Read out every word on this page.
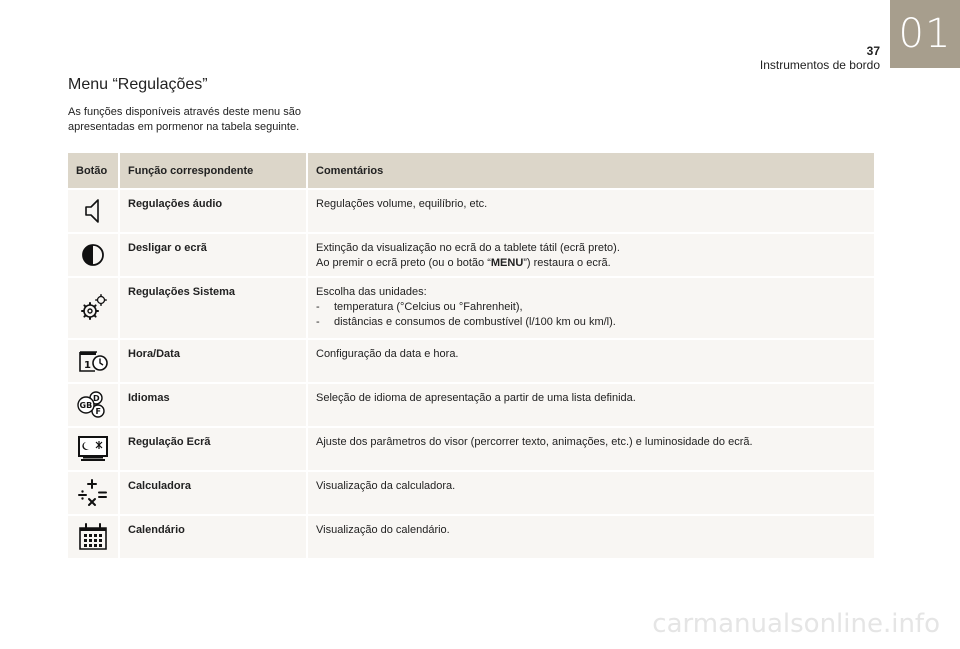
01
37
Instrumentos de bordo
Menu “Regulações”
As funções disponíveis através deste menu são apresentadas em pormenor na tabela seguinte.
Botão	Função correspondente	Comentários

	Regulações áudio	Regulações volume, equilíbrio, etc.

	Desligar o ecrã	Extinção da visualização no ecrã do a tablete tátil (ecrã preto).
Ao premir o ecrã preto (ou o botão “MENU”) restaura o ecrã.

	Regulações Sistema	Escolha das unidades:
- temperatura (°Celcius ou °Fahrenheit),
- distâncias e consumos de combustível (l/100 km ou km/l).

1	Hora/Data	Configuração da data e hora.

D
F
GB	Idiomas	Seleção de idioma de apresentação a partir de uma lista definida.

	Regulação Ecrã	Ajuste dos parâmetros do visor (percorrer texto, animações, etc.) e luminosidade do ecrã.

	Calculadora	Visualização da calculadora.

	Calendário	Visualização do calendário.
carmanualsonline.info
